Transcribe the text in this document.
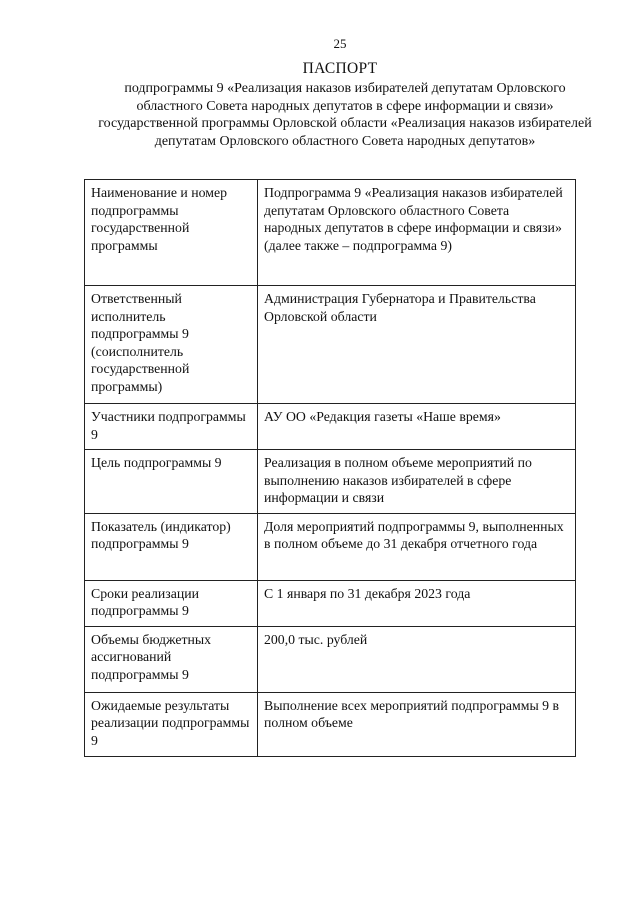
25
ПАСПОРТ
подпрограммы 9 «Реализация наказов избирателей депутатам Орловского областного Совета народных депутатов в сфере информации и связи» государственной программы Орловской области «Реализация наказов избирателей депутатам Орловского областного Совета народных депутатов»
Наименование и номер подпрограммы государственной программы	Подпрограмма 9 «Реализация наказов избирателей депутатам Орловского областного Совета народных депутатов в сфере информации и связи» (далее также – подпрограмма 9)
Ответственный исполнитель подпрограммы 9 (соисполнитель государственной программы)	Администрация Губернатора и Правительства Орловской области
Участники подпрограммы 9	АУ ОО «Редакция газеты «Наше время»
Цель подпрограммы 9	Реализация в полном объеме мероприятий по выполнению наказов избирателей в сфере информации и связи
Показатель (индикатор) подпрограммы 9	Доля мероприятий подпрограммы 9, выполненных в полном объеме до 31 декабря отчетного года
Сроки реализации подпрограммы 9	С 1 января по 31 декабря 2023 года
Объемы бюджетных ассигнований подпрограммы 9	200,0 тыс. рублей
Ожидаемые результаты реализации подпрограммы 9	Выполнение всех мероприятий подпрограммы 9 в полном объеме
